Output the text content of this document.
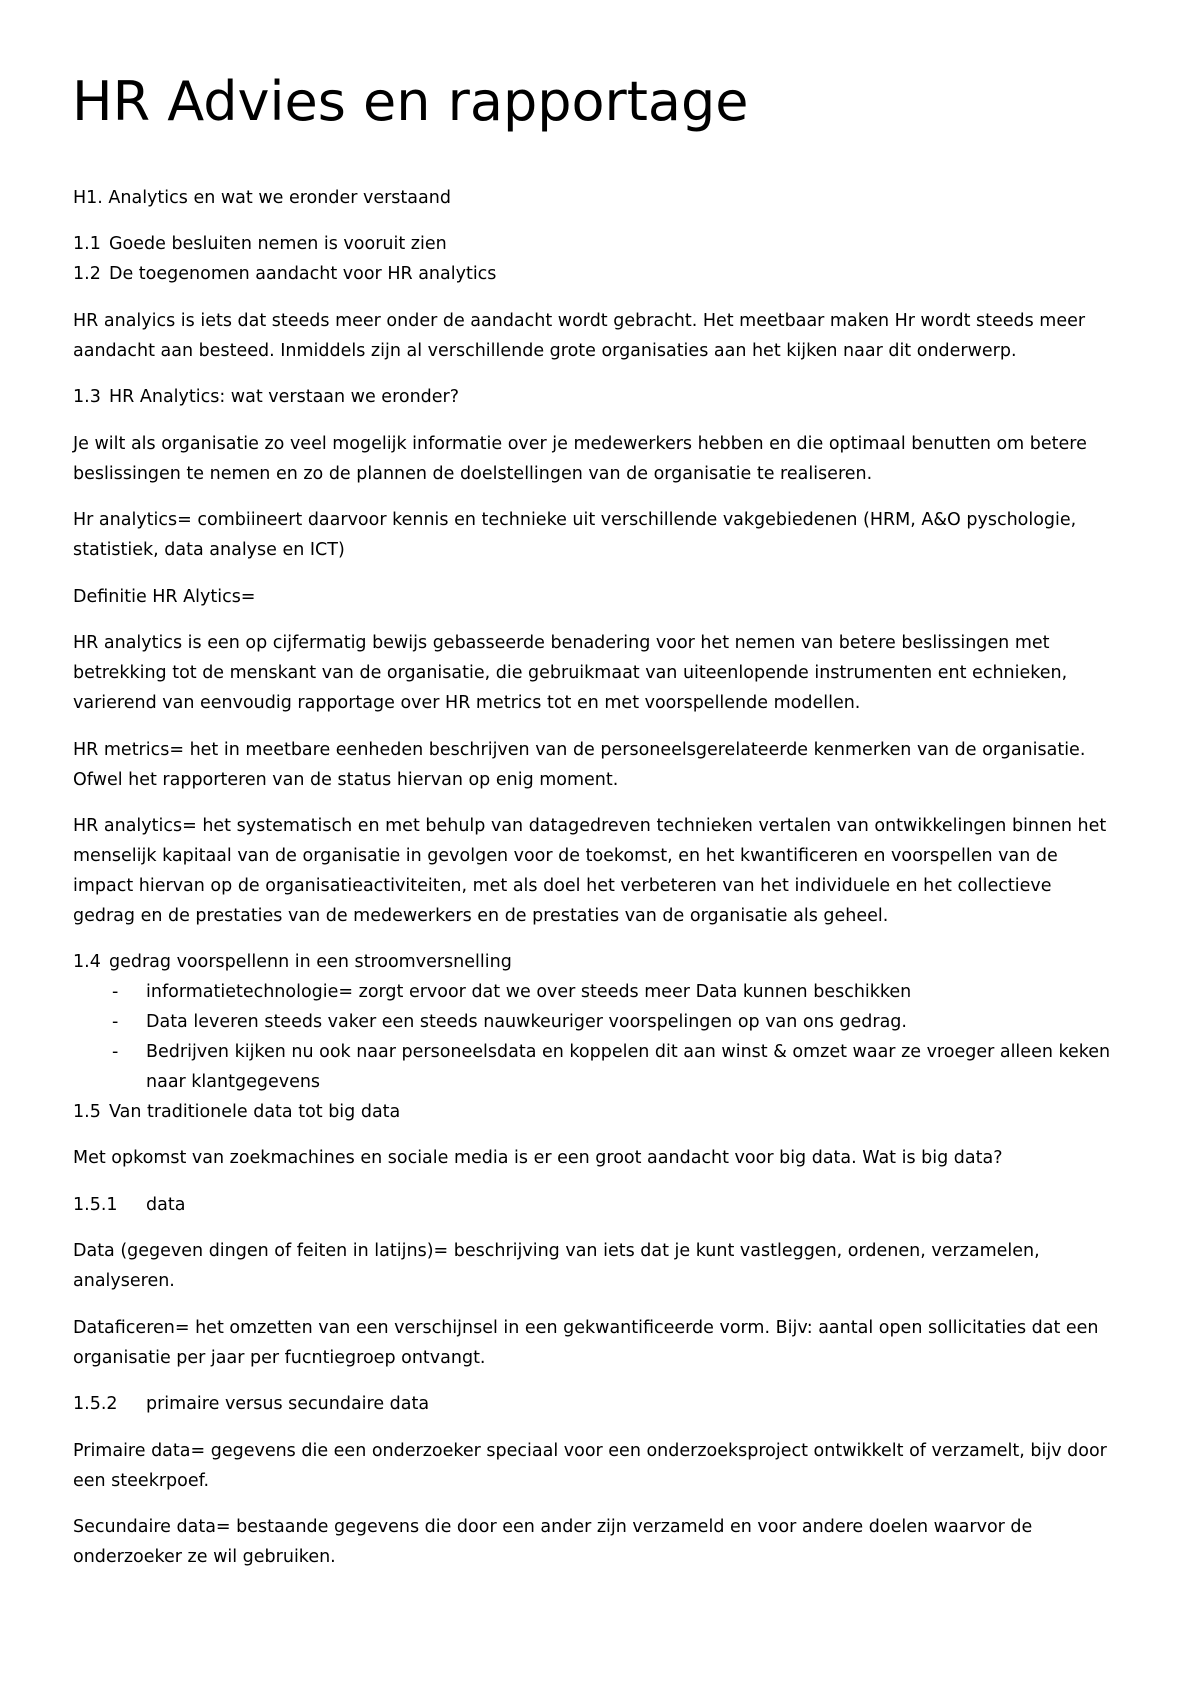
HR Advies en rapportage

H1. Analytics en wat we eronder verstaand

1.1 Goede besluiten nemen is vooruit zien

1.2 De toegenomen aandacht voor HR analytics

HR analyics is iets dat steeds meer onder de aandacht wordt gebracht. Het meetbaar maken Hr wordt steeds meer

aandacht aan besteed. Inmiddels zijn al verschillende grote organisaties aan het kijken naar dit onderwerp.

1.3 HR Analytics: wat verstaan we eronder?

Je wilt als organisatie zo veel mogelijk informatie over je medewerkers hebben en die optimaal benutten om betere

beslissingen te nemen en zo de plannen de doelstellingen van de organisatie te realiseren.

Hr analytics= combiineert daarvoor kennis en technieke uit verschillende vakgebiedenen (HRM, A&O pyschologie,

statistiek, data analyse en ICT)

Definitie HR Alytics=

HR analytics is een op cijfermatig bewijs gebasseerde benadering voor het nemen van betere beslissingen met

betrekking tot de menskant van de organisatie, die gebruikmaat van uiteenlopende instrumenten ent echnieken,

varierend van eenvoudig rapportage over HR metrics tot en met voorspellende modellen.

HR metrics= het in meetbare eenheden beschrijven van de personeelsgerelateerde kenmerken van de organisatie.

Ofwel het rapporteren van de status hiervan op enig moment.

HR analytics= het systematisch en met behulp van datagedreven technieken vertalen van ontwikkelingen binnen het

menselijk kapitaal van de organisatie in gevolgen voor de toekomst, en het kwantificeren en voorspellen van de

impact hiervan op de organisatieactiviteiten, met als doel het verbeteren van het individuele en het collectieve

gedrag en de prestaties van de medewerkers en de prestaties van de organisatie als geheel.

1.4 gedrag voorspellenn in een stroomversnelling

- informatietechnologie= zorgt ervoor dat we over steeds meer Data kunnen beschikken

- Data leveren steeds vaker een steeds nauwkeuriger voorspelingen op van ons gedrag.

- Bedrijven kijken nu ook naar personeelsdata en koppelen dit aan winst & omzet waar ze vroeger alleen keken

naar klantgegevens

1.5 Van traditionele data tot big data

Met opkomst van zoekmachines en sociale media is er een groot aandacht voor big data. Wat is big data?

1.5.1 data

Data (gegeven dingen of feiten in latijns)= beschrijving van iets dat je kunt vastleggen, ordenen, verzamelen,

analyseren.

Dataficeren= het omzetten van een verschijnsel in een gekwantificeerde vorm. Bijv: aantal open sollicitaties dat een

organisatie per jaar per fucntiegroep ontvangt.

1.5.2 primaire versus secundaire data

Primaire data= gegevens die een onderzoeker speciaal voor een onderzoeksproject ontwikkelt of verzamelt, bijv door

een steekrpoef.

Secundaire data= bestaande gegevens die door een ander zijn verzameld en voor andere doelen waarvor de

onderzoeker ze wil gebruiken.
